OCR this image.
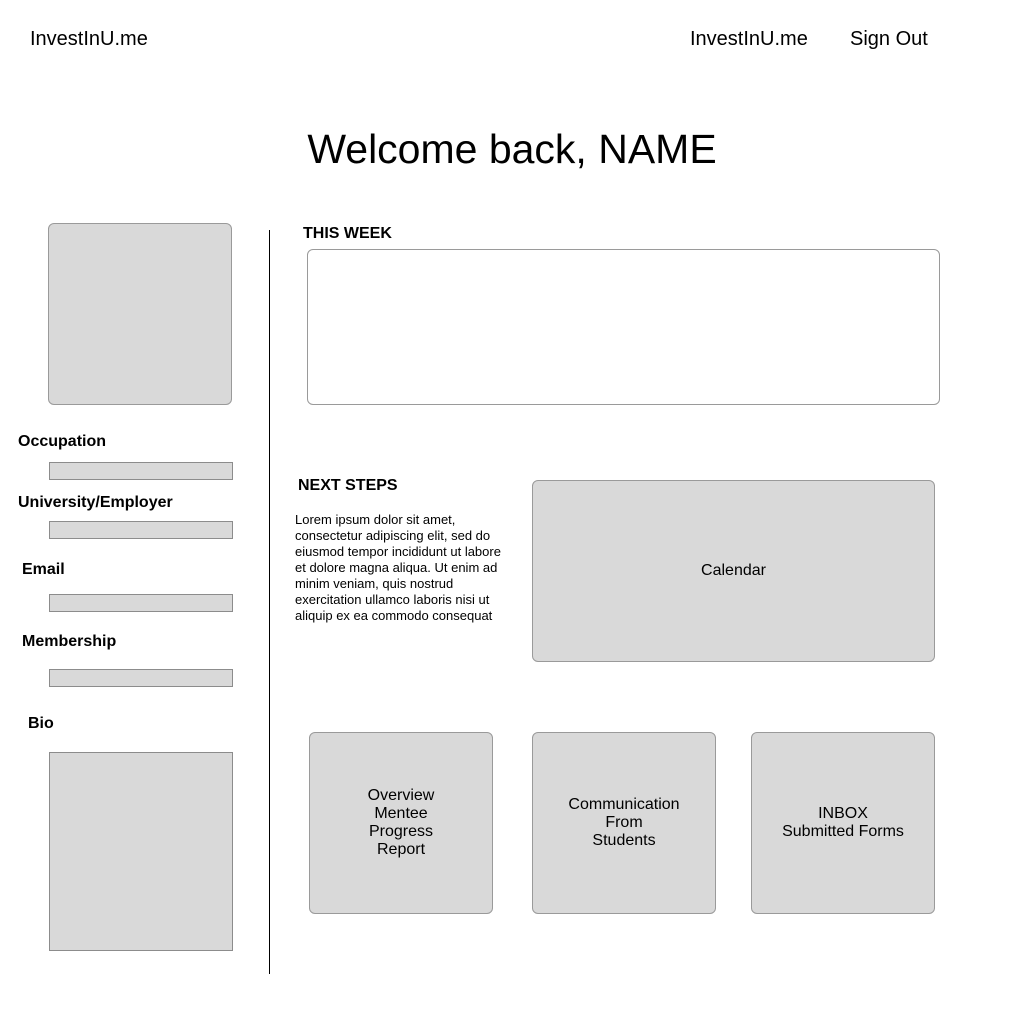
InvestInU.me	InvestInU.me Sign Out
Welcome back, NAME
Occupation
University/Employer
Email
Membership
Bio
THIS WEEK
NEXT STEPS
Lorem ipsum dolor sit amet, consectetur adipiscing elit, sed do eiusmod tempor incididunt ut labore et dolore magna aliqua. Ut enim ad minim veniam, quis nostrud exercitation ullamco laboris nisi ut aliquip ex ea commodo consequat
Calendar
Overview
Mentee
Progress
Report
Communication
From
Students
INBOX
Submitted Forms
